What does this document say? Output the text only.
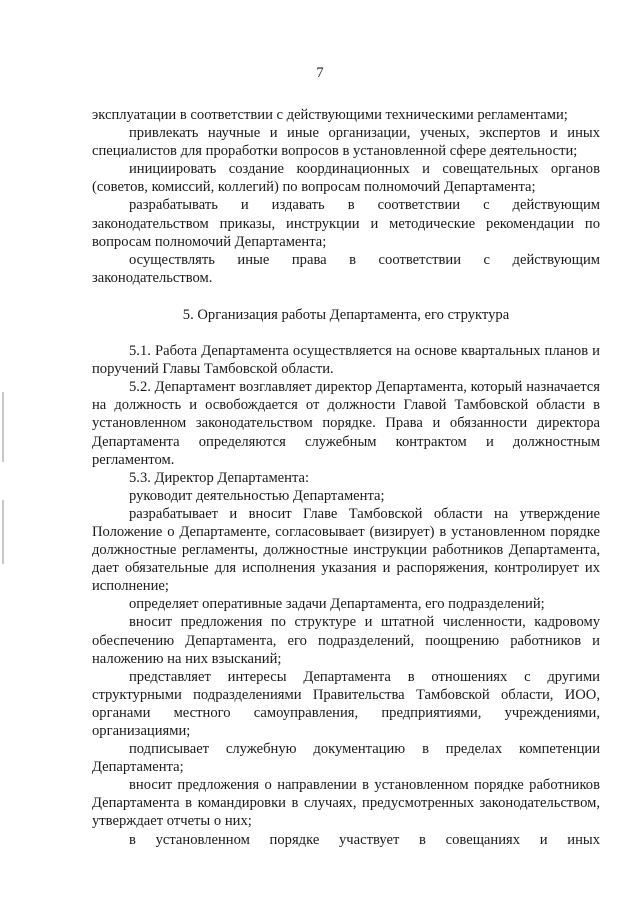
7

эксплуатации в соответствии с действующими техническими регламентами;

привлекать научные и иные организации, ученых, экспертов и иных специалистов для проработки вопросов в установленной сфере деятельности;

инициировать создание координационных и совещательных органов (советов, комиссий, коллегий) по вопросам полномочий Департамента;

разрабатывать и издавать в соответствии с действующим законодательством приказы, инструкции и методические рекомендации по вопросам полномочий Департамента;

осуществлять иные права в соответствии с действующим законодательством.

5. Организация работы Департамента, его структура

5.1. Работа Департамента осуществляется на основе квартальных планов и поручений Главы Тамбовской области.

5.2. Департамент возглавляет директор Департамента, который назначается на должность и освобождается от должности Главой Тамбовской области в установленном законодательством порядке. Права и обязанности директора Департамента определяются служебным контрактом и должностным регламентом.

5.3. Директор Департамента:

руководит деятельностью Департамента;

разрабатывает и вносит Главе Тамбовской области на утверждение Положение о Департаменте, согласовывает (визирует) в установленном порядке должностные регламенты, должностные инструкции работников Департамента, дает обязательные для исполнения указания и распоряжения, контролирует их исполнение;

определяет оперативные задачи Департамента, его подразделений;

вносит предложения по структуре и штатной численности, кадровому обеспечению Департамента, его подразделений, поощрению работников и наложению на них взысканий;

представляет интересы Департамента в отношениях с другими структурными подразделениями Правительства Тамбовской области, ИОО, органами местного самоуправления, предприятиями, учреждениями, организациями;

подписывает служебную документацию в пределах компетенции Департамента;

вносит предложения о направлении в установленном порядке работников Департамента в командировки в случаях, предусмотренных законодательством, утверждает отчеты о них;

в установленном порядке участвует в совещаниях и иных
